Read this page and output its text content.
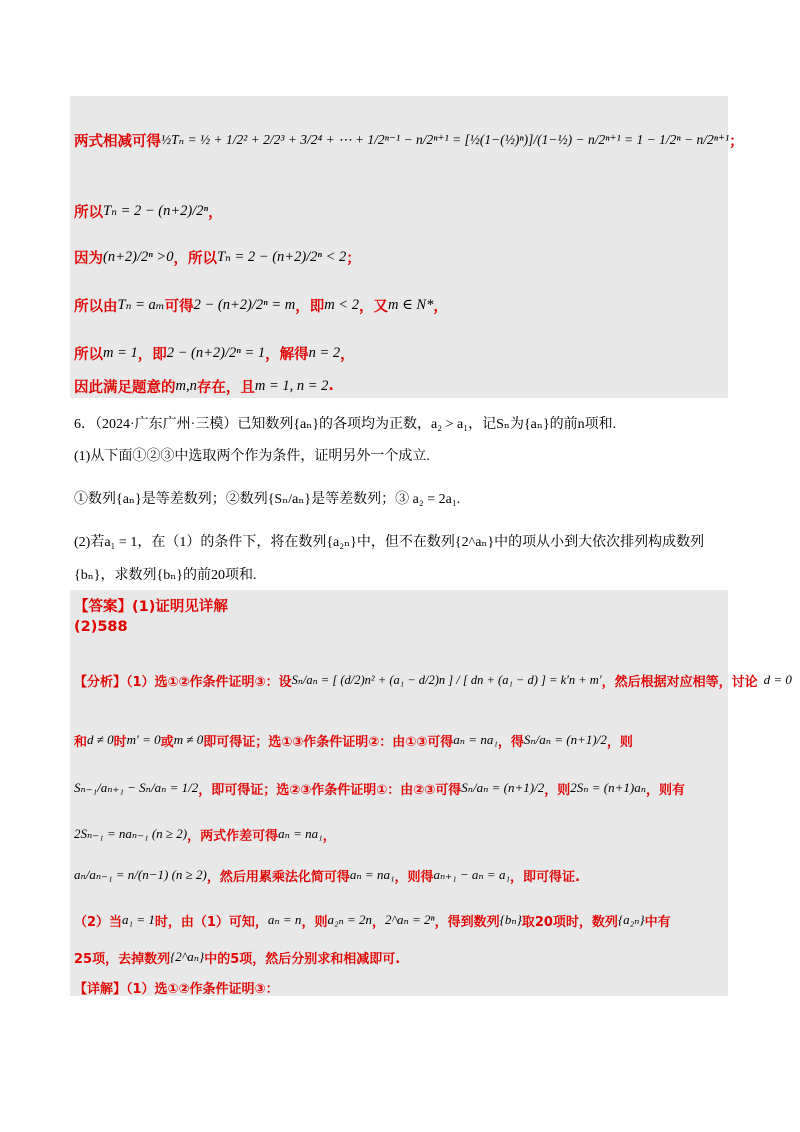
两式相减可得 ½Tₙ = ½ + 1/2² + 2/2³ + 3/2⁴ + ⋯ + 1/2ⁿ⁻¹ − n/2ⁿ⁺¹ = [½(1−(½)ⁿ)]/(1−½) − n/2ⁿ⁺¹ = 1 − 1/2ⁿ − n/2ⁿ⁺¹ ；
所以 Tₙ = 2 − (n+2)/2ⁿ ，
因为 (n+2)/2ⁿ >0 ，所以 Tₙ = 2 − (n+2)/2ⁿ < 2 ；
所以由 Tₙ = aₘ 可得 2 − (n+2)/2ⁿ = m ，即 m < 2 ，又 m ∈ N* ，
所以 m = 1 ，即 2 − (n+2)/2ⁿ = 1 ，解得 n = 2 ，
因此满足题意的 m,n 存在，且 m = 1, n = 2 .
6．（2024·广东广州·三模）已知数列{aₙ}的各项均为正数，a₂ > a₁，记Sₙ为{aₙ}的前n项和.
(1)从下面①②③中选取两个作为条件，证明另外一个成立.
①数列{aₙ}是等差数列；②数列{Sₙ/aₙ}是等差数列；③ a₂ = 2a₁.
(2)若a₁ = 1，在（1）的条件下，将在数列{a₂ₙ}中，但不在数列{2^aₙ}中的项从小到大依次排列构成数列
{bₙ}，求数列{bₙ}的前20项和.
【答案】(1)证明见详解
(2)588
【分析】（1）选①②作条件证明③：设 Sₙ/aₙ = [ (d/2)n² + (a₁ − d/2)n ] / [ dn + (a₁ − d) ] = k′n + m′ ，然后根据对应相等，讨论 d = 0
和 d ≠ 0 时 m′ = 0 或 m ≠ 0 即可得证；选①③作条件证明②：由①③可得 aₙ = na₁ ，得 Sₙ/aₙ = (n+1)/2 ，则
Sₙ₋₁/aₙ₊₁ − Sₙ/aₙ = 1/2 ，即可得证；选②③作条件证明①：由②③可得 Sₙ/aₙ = (n+1)/2 ，则 2Sₙ = (n+1)aₙ ，则有
2Sₙ₋₁ = naₙ₋₁ (n ≥ 2) ，两式作差可得 aₙ = na₁ ，
aₙ/aₙ₋₁ = n/(n−1) (n ≥ 2) ，然后用累乘法化简可得 aₙ = na₁ ，则得 aₙ₊₁ − aₙ = a₁ ，即可得证.
（2）当 a₁ = 1 时，由（1）可知， aₙ = n ，则 a₂ₙ = 2n ， 2^aₙ = 2ⁿ ，得到数列 {bₙ} 取20项时，数列 {a₂ₙ} 中有
25项，去掉数列 {2^aₙ} 中的5项，然后分别求和相减即可.
【详解】（1）选①②作条件证明③：
